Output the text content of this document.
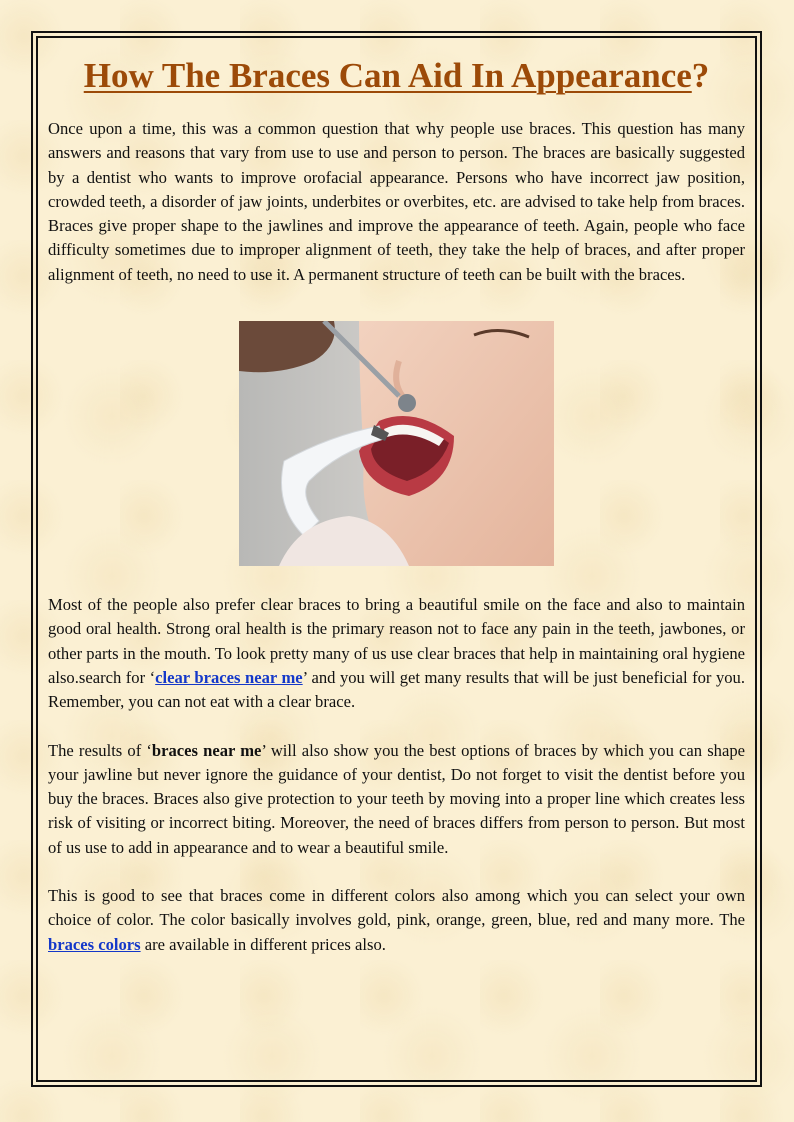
How The Braces Can Aid In Appearance?

Once upon a time, this was a common question that why people use braces. This question has many answers and reasons that vary from use to use and person to person. The braces are basically suggested by a dentist who wants to improve orofacial appearance. Persons who have incorrect jaw position, crowded teeth, a disorder of jaw joints, underbites or overbites, etc. are advised to take help from braces. Braces give proper shape to the jawlines and improve the appearance of teeth. Again, people who face difficulty sometimes due to improper alignment of teeth, they take the help of braces, and after proper alignment of teeth, no need to use it. A permanent structure of teeth can be built with the braces.

Most of the people also prefer clear braces to bring a beautiful smile on the face and also to maintain good oral health. Strong oral health is the primary reason not to face any pain in the teeth, jawbones, or other parts in the mouth. To look pretty many of us use clear braces that help in maintaining oral hygiene also.search for ‘clear braces near me’ and you will get many results that will be just beneficial for you. Remember, you can not eat with a clear brace.

The results of ‘braces near me’ will also show you the best options of braces by which you can shape your jawline but never ignore the guidance of your dentist, Do not forget to visit the dentist before you buy the braces. Braces also give protection to your teeth by moving into a proper line which creates less risk of visiting or incorrect biting. Moreover, the need of braces differs from person to person. But most of us use to add in appearance and to wear a beautiful smile.

This is good to see that braces come in different colors also among which you can select your own choice of color. The color basically involves gold, pink, orange, green, blue, red and many more. The braces colors are available in different prices also.
